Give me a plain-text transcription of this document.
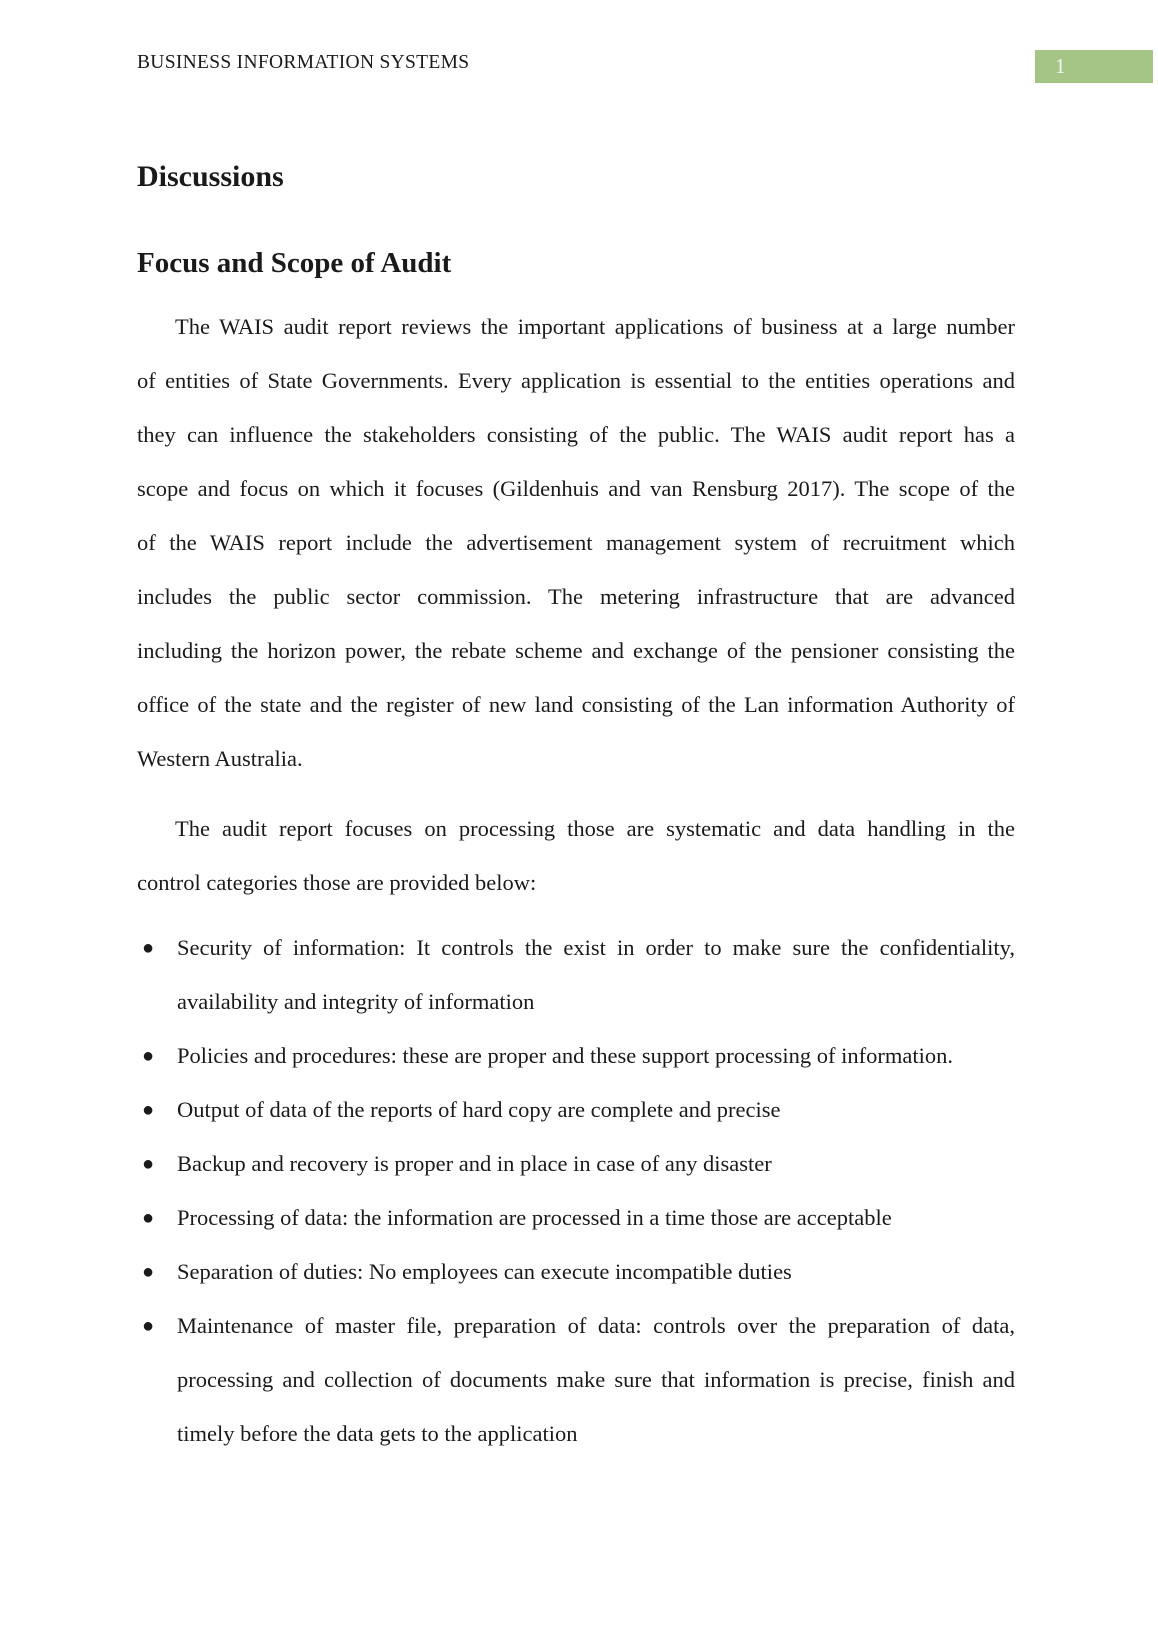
BUSINESS INFORMATION SYSTEMS	1
Discussions
Focus and Scope of Audit
The WAIS audit report reviews the important applications of business at a large number
of entities of State Governments. Every application is essential to the entities operations and
they can influence the stakeholders consisting of the public. The WAIS audit report has a
scope and focus on which it focuses (Gildenhuis and van Rensburg 2017). The scope of the
of the WAIS report include the advertisement management system of recruitment which
includes the public sector commission. The metering infrastructure that are advanced
including the horizon power, the rebate scheme and exchange of the pensioner consisting the
office of the state and the register of new land consisting of the Lan information Authority of
Western Australia.
The audit report focuses on processing those are systematic and data handling in the
control categories those are provided below:
● Security of information: It controls the exist in order to make sure the confidentiality,
availability and integrity of information
● Policies and procedures: these are proper and these support processing of information.
● Output of data of the reports of hard copy are complete and precise
● Backup and recovery is proper and in place in case of any disaster
● Processing of data: the information are processed in a time those are acceptable
● Separation of duties: No employees can execute incompatible duties
● Maintenance of master file, preparation of data: controls over the preparation of data,
processing and collection of documents make sure that information is precise, finish and
timely before the data gets to the application
